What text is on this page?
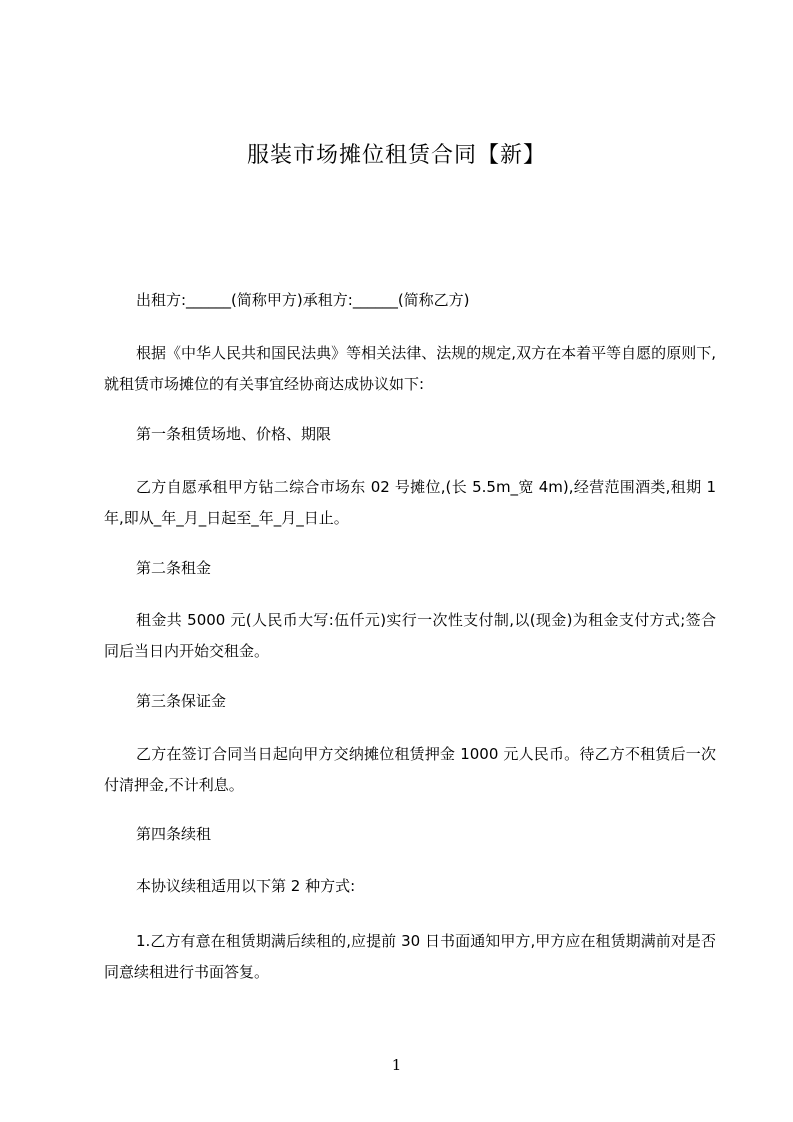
服装市场摊位租赁合同【新】
出租方:______(简称甲方)承租方:______(简称乙方)
根据《中华人民共和国民法典》等相关法律、法规的规定,双方在本着平等自愿的原则下,就租赁市场摊位的有关事宜经协商达成协议如下:
第一条租赁场地、价格、期限
乙方自愿承租甲方钻二综合市场东 02 号摊位,(长 5.5m_宽 4m),经营范围酒类,租期 1 年,即从_年_月_日起至_年_月_日止。
第二条租金
租金共 5000 元(人民币大写:伍仟元)实行一次性支付制,以(现金)为租金支付方式;签合同后当日内开始交租金。
第三条保证金
乙方在签订合同当日起向甲方交纳摊位租赁押金 1000 元人民币。待乙方不租赁后一次付清押金,不计利息。
第四条续租
本协议续租适用以下第 2 种方式:
1.乙方有意在租赁期满后续租的,应提前 30 日书面通知甲方,甲方应在租赁期满前对是否同意续租进行书面答复。
1
